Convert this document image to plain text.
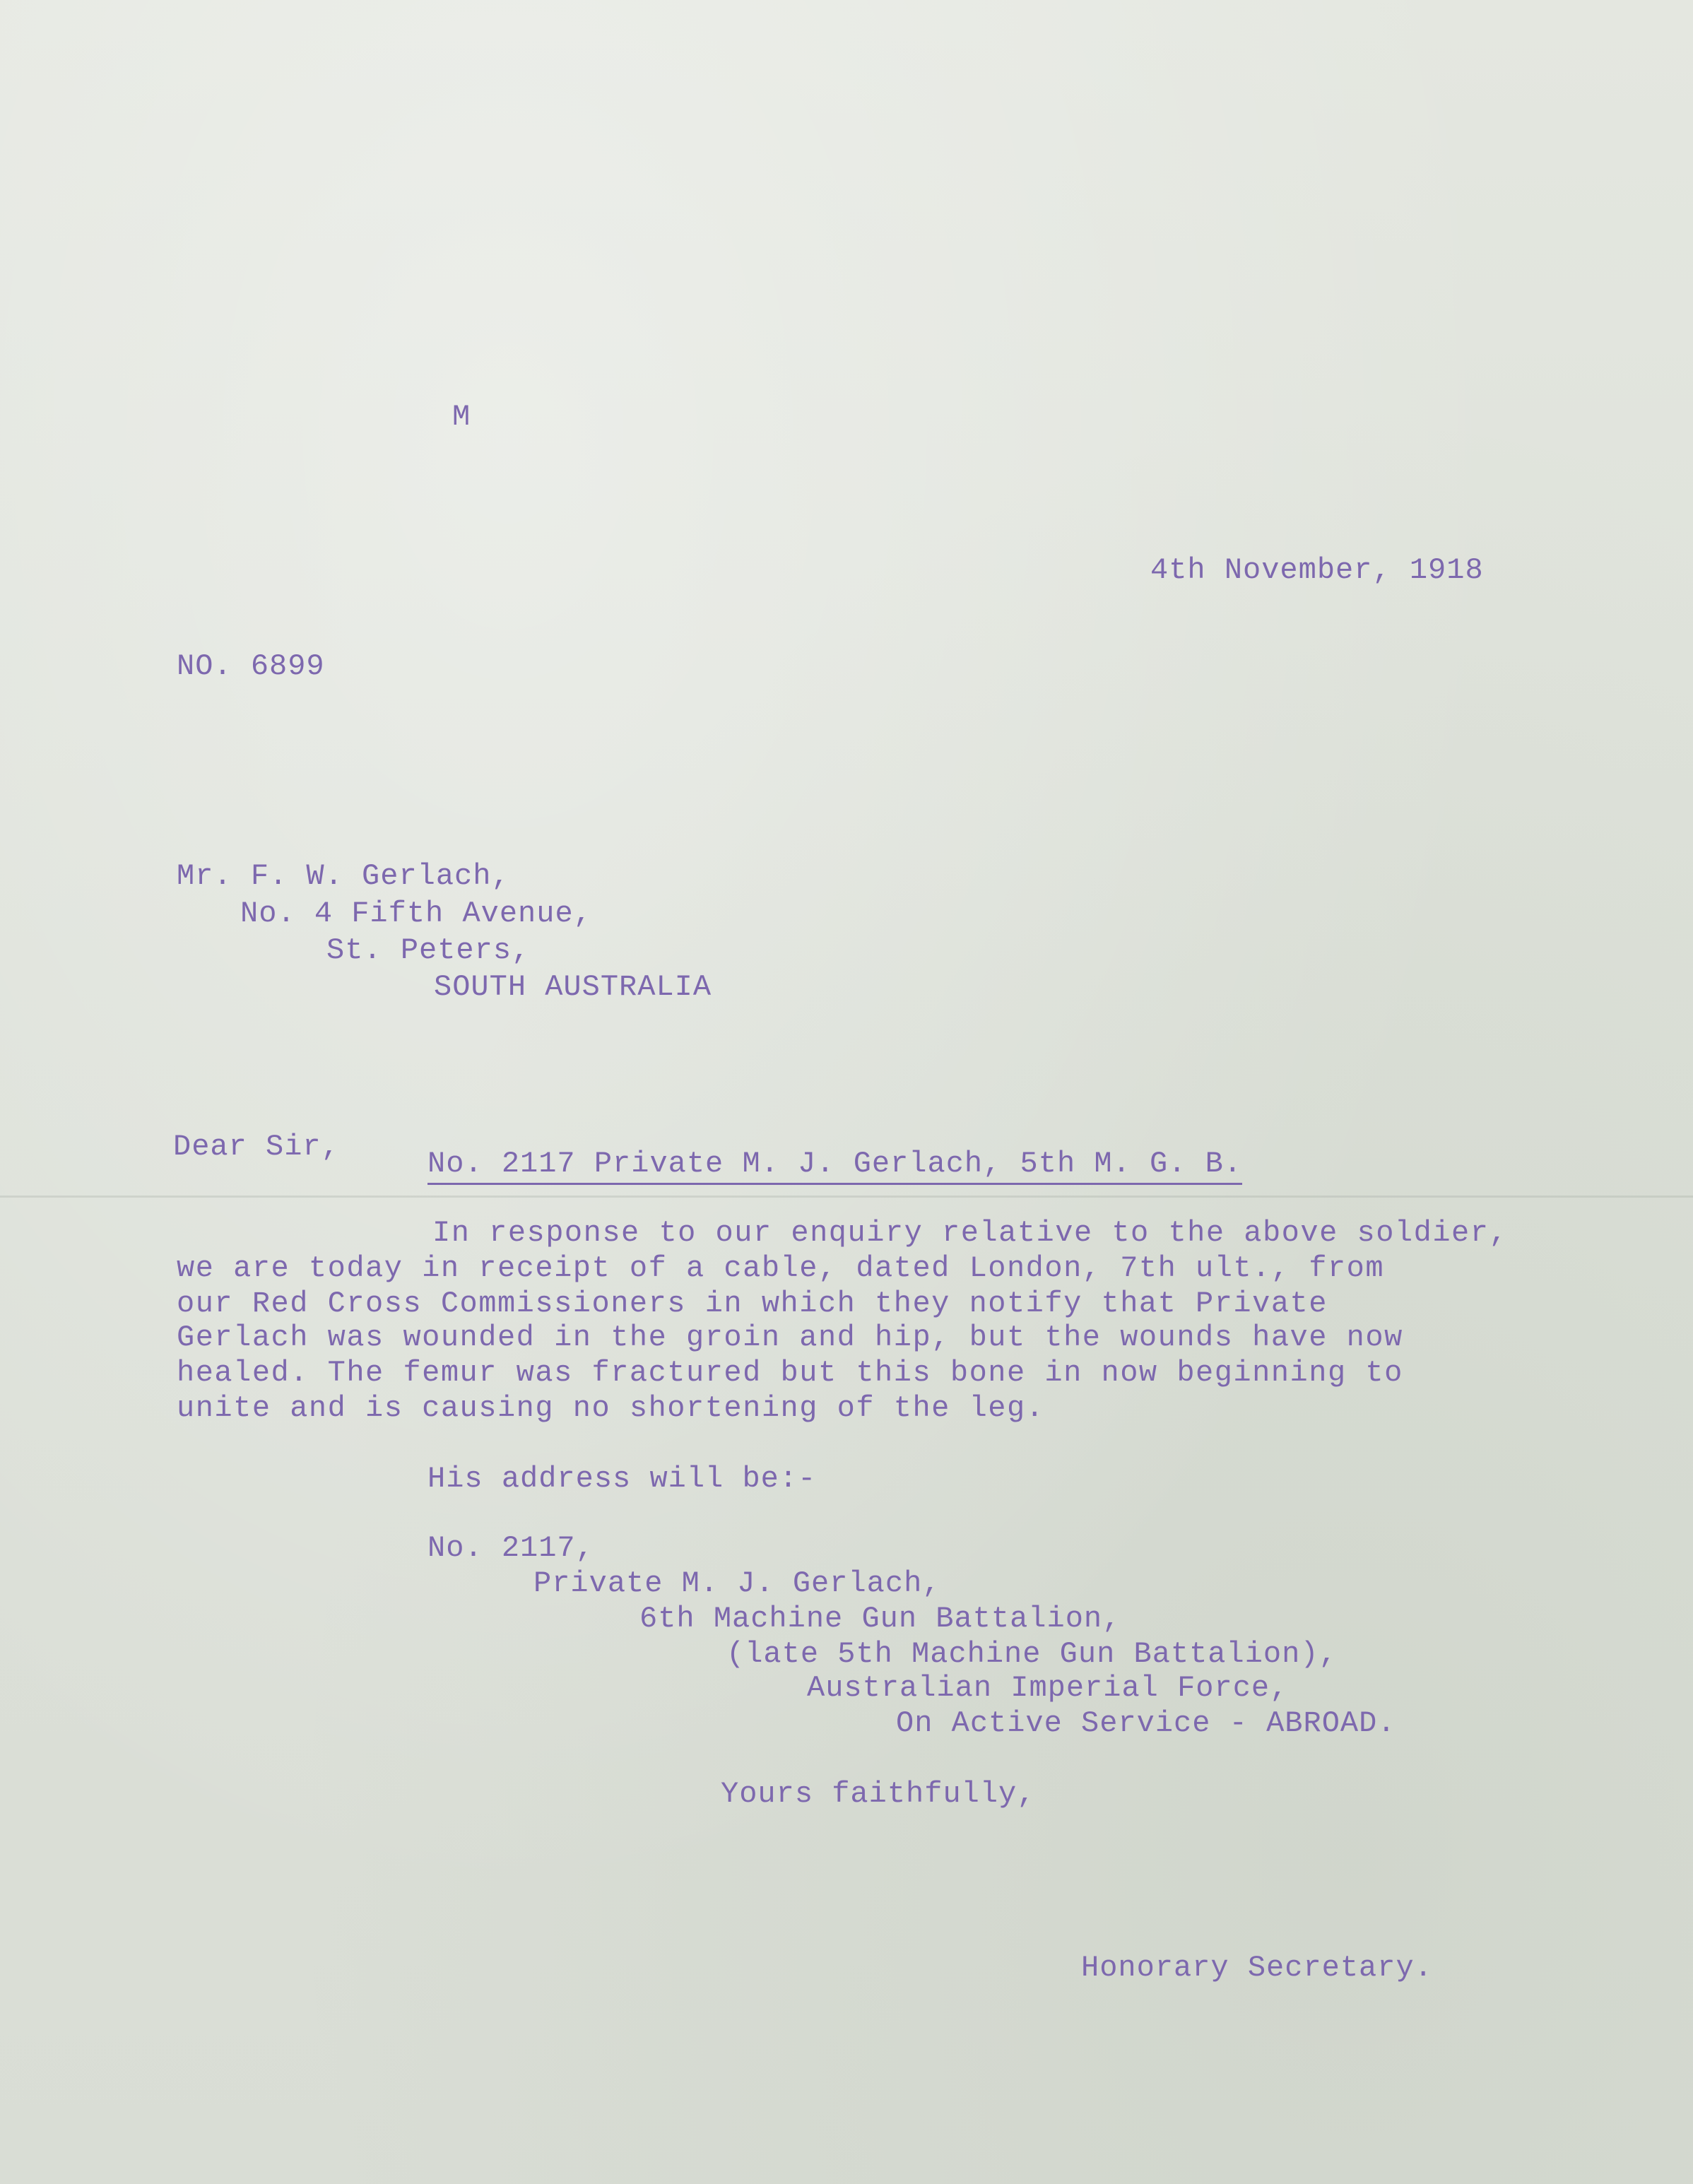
M
4th November, 1918
NO. 6899
Mr. F. W. Gerlach,
No. 4 Fifth Avenue,
St. Peters,
SOUTH AUSTRALIA
Dear Sir,	No. 2117 Private M. J. Gerlach, 5th M. G. B.
In response to our enquiry relative to the above soldier,
we are today in receipt of a cable, dated London, 7th ult., from
our Red Cross Commissioners in which they notify that Private
Gerlach was wounded in the groin and hip, but the wounds have now
healed. The femur was fractured but this bone in now beginning to
unite and is causing no shortening of the leg.
His address will be:-
No. 2117,
Private M. J. Gerlach,
6th Machine Gun Battalion,
(late 5th Machine Gun Battalion),
Australian Imperial Force,
On Active Service - ABROAD.
Yours faithfully,
Honorary Secretary.
